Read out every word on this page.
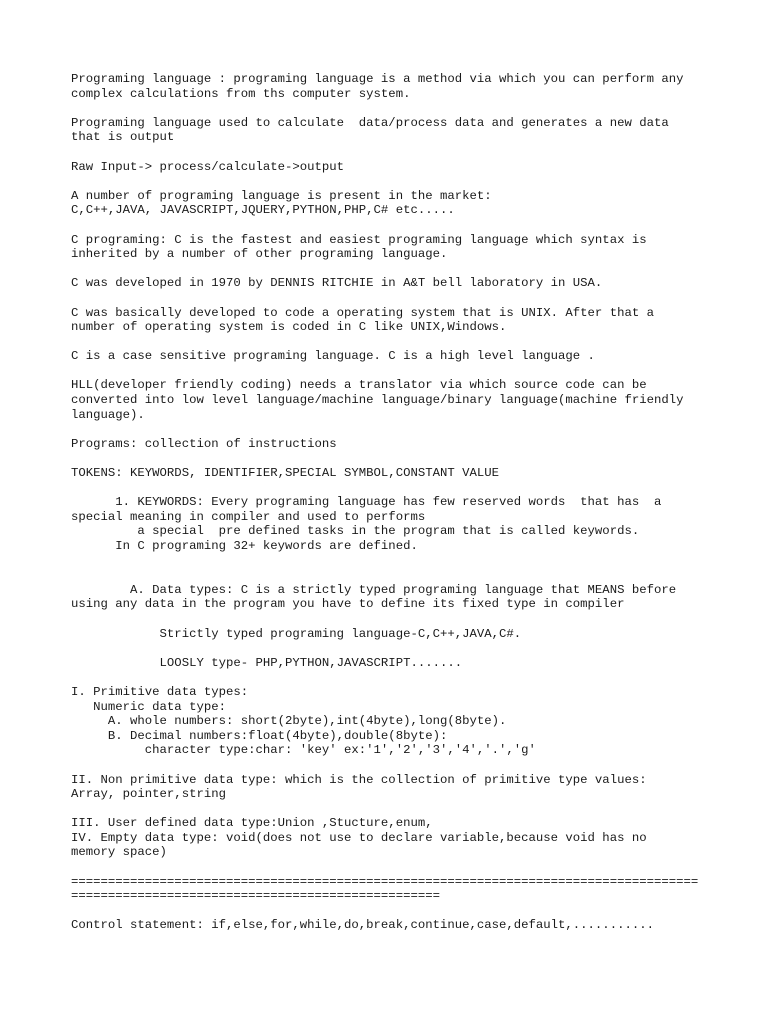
Programing language : programing language is a method via which you can perform any
complex calculations from ths computer system.
Programing language used to calculate  data/process data and generates a new data
that is output
Raw Input-> process/calculate->output
A number of programing language is present in the market:
C,C++,JAVA, JAVASCRIPT,JQUERY,PYTHON,PHP,C# etc.....
C programing: C is the fastest and easiest programing language which syntax is
inherited by a number of other programing language.
C was developed in 1970 by DENNIS RITCHIE in A&T bell laboratory in USA.
C was basically developed to code a operating system that is UNIX. After that a
number of operating system is coded in C like UNIX,Windows.
C is a case sensitive programing language. C is a high level language .
HLL(developer friendly coding) needs a translator via which source code can be
converted into low level language/machine language/binary language(machine friendly
language).
Programs: collection of instructions
TOKENS: KEYWORDS, IDENTIFIER,SPECIAL SYMBOL,CONSTANT VALUE
1. KEYWORDS: Every programing language has few reserved words  that has  a
special meaning in compiler and used to performs
a special  pre defined tasks in the program that is called keywords.
In C programing 32+ keywords are defined.
A. Data types: C is a strictly typed programing language that MEANS before
using any data in the program you have to define its fixed type in compiler
Strictly typed programing language-C,C++,JAVA,C#.
LOOSLY type- PHP,PYTHON,JAVASCRIPT.......
I. Primitive data types:
Numeric data type:
A. whole numbers: short(2byte),int(4byte),long(8byte).
B. Decimal numbers:float(4byte),double(8byte):
character type:char: 'key' ex:'1','2','3','4','.','g'
II. Non primitive data type: which is the collection of primitive type values:
Array, pointer,string
III. User defined data type:Union ,Stucture,enum,
IV. Empty data type: void(does not use to declare variable,because void has no
memory space)
=====================================================================================
==================================================
Control statement: if,else,for,while,do,break,continue,case,default,...........
